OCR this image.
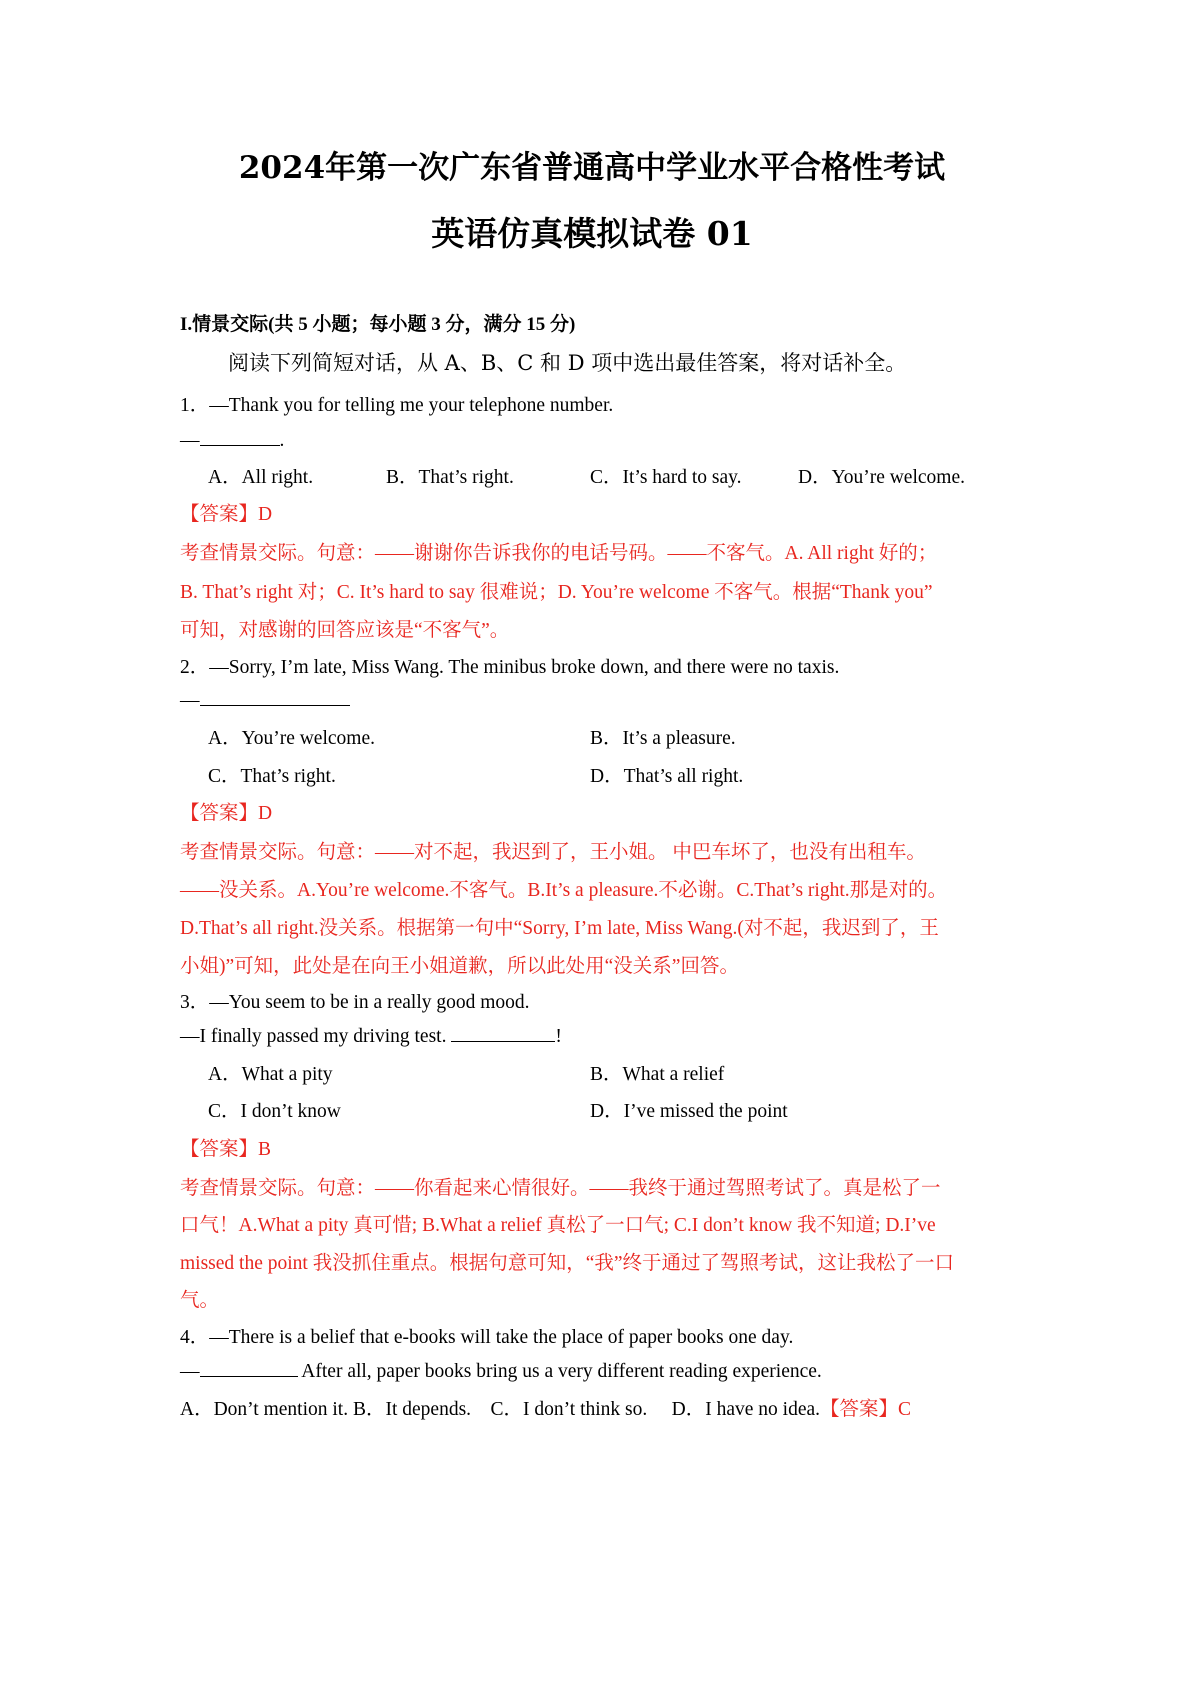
2024年第一次广东省普通高中学业水平合格性考试
英语仿真模拟试卷 01
I.情景交际(共 5 小题；每小题 3 分，满分 15 分)
阅读下列简短对话，从 A、B、C 和 D 项中选出最佳答案，将对话补全。
1．—Thank you for telling me your telephone number.
—	.
A．All right.	B．That’s right.	C．It’s hard to say.	D．You’re welcome.
【答案】D
考查情景交际。句意：——谢谢你告诉我你的电话号码。——不客气。A. All right 好的；
B. That’s right 对；C. It’s hard to say 很难说；D. You’re welcome 不客气。根据“Thank you”
可知，对感谢的回答应该是“不客气”。
2．—Sorry, I’m late, Miss Wang. The minibus broke down, and there were no taxis.
—
A．You’re welcome.	B．It’s a pleasure.
C．That’s right.	D．That’s all right.
【答案】D
考查情景交际。句意：——对不起，我迟到了，王小姐。 中巴车坏了，也没有出租车。
——没关系。A.You’re welcome.不客气。B.It’s a pleasure.不必谢。C.That’s right.那是对的。
D.That’s all right.没关系。根据第一句中“Sorry, I’m late, Miss Wang.(对不起，我迟到了，王
小姐)”可知，此处是在向王小姐道歉，所以此处用“没关系”回答。
3．—You seem to be in a really good mood.
—I finally passed my driving test.	!
A．What a pity	B．What a relief
C．I don’t know	D．I’ve missed the point
【答案】B
考查情景交际。句意：——你看起来心情很好。——我终于通过驾照考试了。真是松了一
口气！A.What a pity 真可惜; B.What a relief 真松了一口气; C.I don’t know 我不知道; D.I’ve
missed the point 我没抓住重点。根据句意可知，“我”终于通过了驾照考试，这让我松了一口
气。
4．—There is a belief that e-books will take the place of paper books one day.
—	After all, paper books bring us a very different reading experience.
A．Don’t mention it. B．It depends.    C．I don’t think so.     D．I have no idea.【答案】C
